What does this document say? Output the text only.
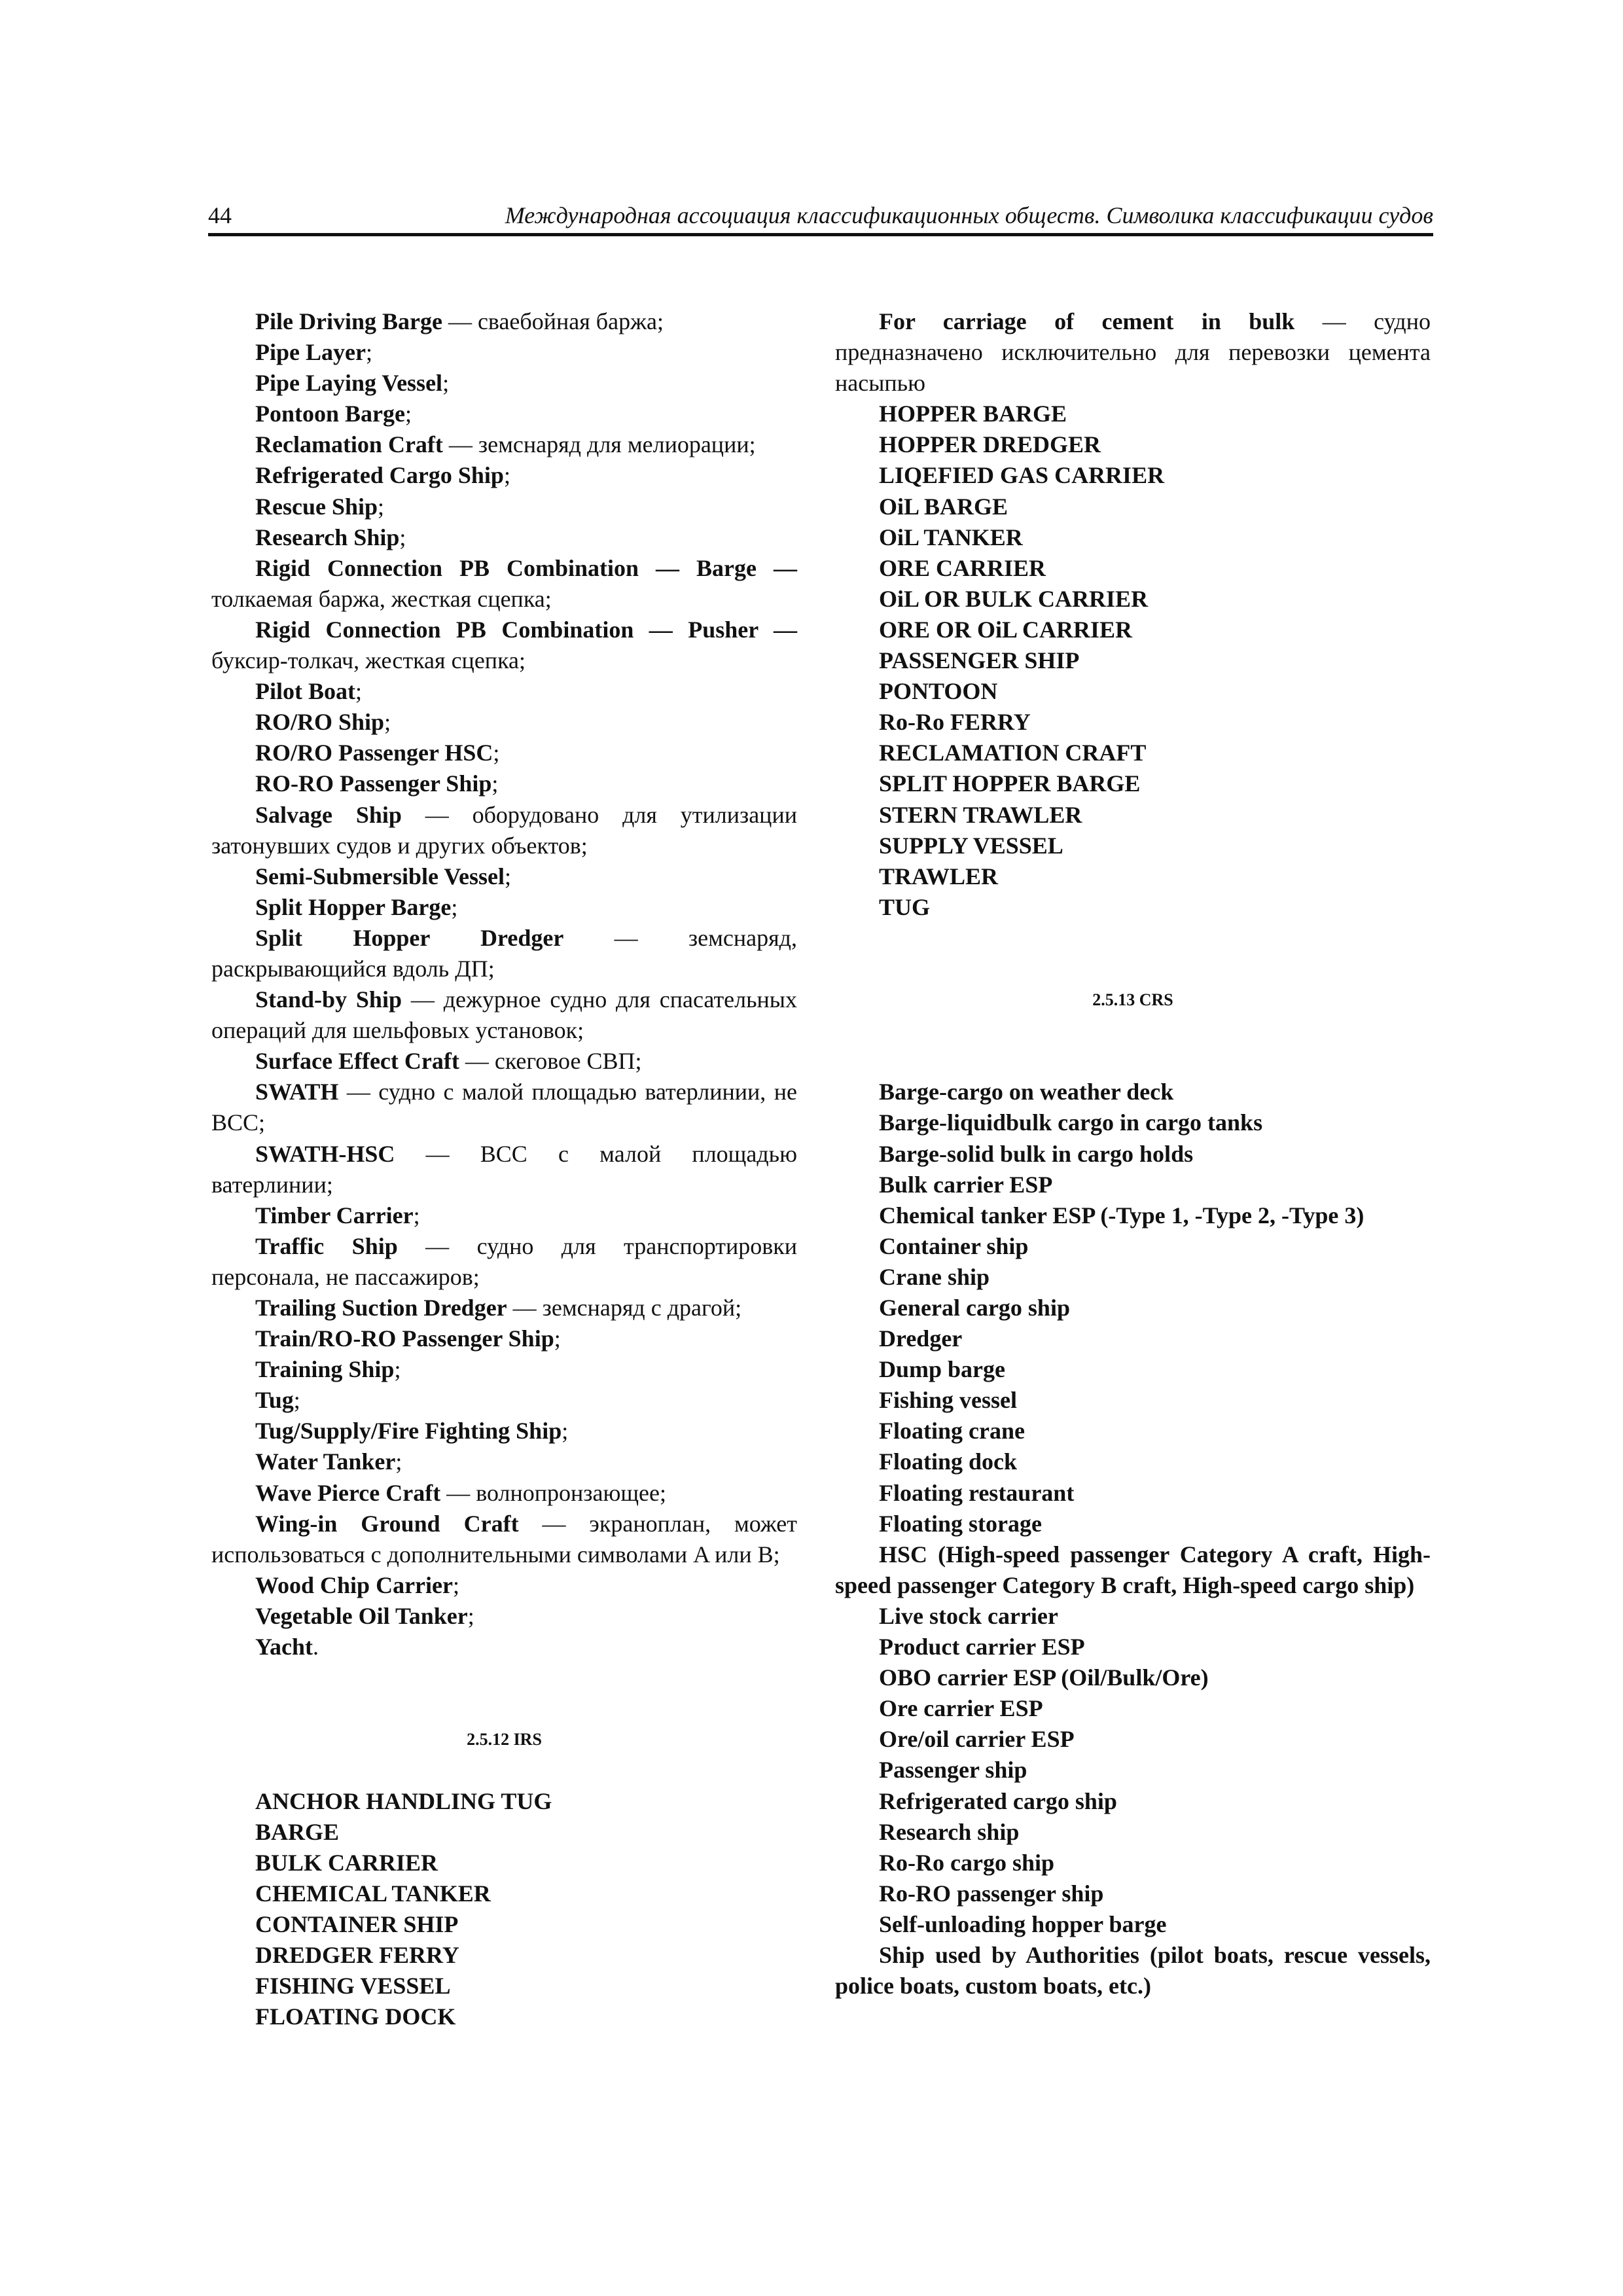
44	Международная ассоциация классификационных обществ. Символика классификации судов
Pile Driving Barge — сваебойная баржа;
Pipe Layer;
Pipe Laying Vessel;
Pontoon Barge;
Reclamation Craft — земснаряд для мелиорации;
Refrigerated Cargo Ship;
Rescue Ship;
Research Ship;
Rigid Connection PB Combination — Barge — толкаемая баржа, жесткая сцепка;
Rigid Connection PB Combination — Pusher — буксир-толкач, жесткая сцепка;
Pilot Boat;
RO/RO Ship;
RO/RO Passenger HSC;
RO-RO Passenger Ship;
Salvage Ship — оборудовано для утилизации затонувших судов и других объектов;
Semi-Submersible Vessel;
Split Hopper Barge;
Split Hopper Dredger — земснаряд, раскрывающийся вдоль ДП;
Stand-by Ship — дежурное судно для спасательных операций для шельфовых установок;
Surface Effect Craft — скеговое СВП;
SWATH — судно с малой площадью ватерлинии, не ВСС;
SWATH-HSC — ВСС с малой площадью ватерлинии;
Timber Carrier;
Traffic Ship — судно для транспортировки персонала, не пассажиров;
Trailing Suction Dredger — земснаряд с драгой;
Train/RO-RO Passenger Ship;
Training Ship;
Tug;
Tug/Supply/Fire Fighting Ship;
Water Tanker;
Wave Pierce Craft — волнопронзающее;
Wing-in Ground Craft — экраноплан, может использоваться с дополнительными символами A или B;
Wood Chip Carrier;
Vegetable Oil Tanker;
Yacht.
2.5.12 IRS
ANCHOR HANDLING TUG
BARGE
BULK CARRIER
CHEMICAL TANKER
CONTAINER SHIP
DREDGER FERRY
FISHING VESSEL
FLOATING DOCK
For carriage of cement in bulk — судно предназначено исключительно для перевозки цемента насыпью
HOPPER BARGE
HOPPER DREDGER
LIQEFIED GAS CARRIER
OiL BARGE
OiL TANKER
ORE CARRIER
OiL OR BULK CARRIER
ORE OR OiL CARRIER
PASSENGER SHIP
PONTOON
Ro-Ro FERRY
RECLAMATION CRAFT
SPLIT HOPPER BARGE
STERN TRAWLER
SUPPLY VESSEL
TRAWLER
TUG
2.5.13 CRS
Barge-cargo on weather deck
Barge-liquidbulk cargo in cargo tanks
Barge-solid bulk in cargo holds
Bulk carrier ESP
Chemical tanker ESP (-Type 1, -Type 2, -Type 3)
Container ship
Crane ship
General cargo ship
Dredger
Dump barge
Fishing vessel
Floating crane
Floating dock
Floating restaurant
Floating storage
HSC (High-speed passenger Category A craft, High-speed passenger Category B craft, High-speed cargo ship)
Live stock carrier
Product carrier ESP
OBO carrier ESP (Oil/Bulk/Ore)
Ore carrier ESP
Ore/oil carrier ESP
Passenger ship
Refrigerated cargo ship
Research ship
Ro-Ro cargo ship
Ro-RO passenger ship
Self-unloading hopper barge
Ship used by Authorities (pilot boats, rescue vessels, police boats, custom boats, etc.)
